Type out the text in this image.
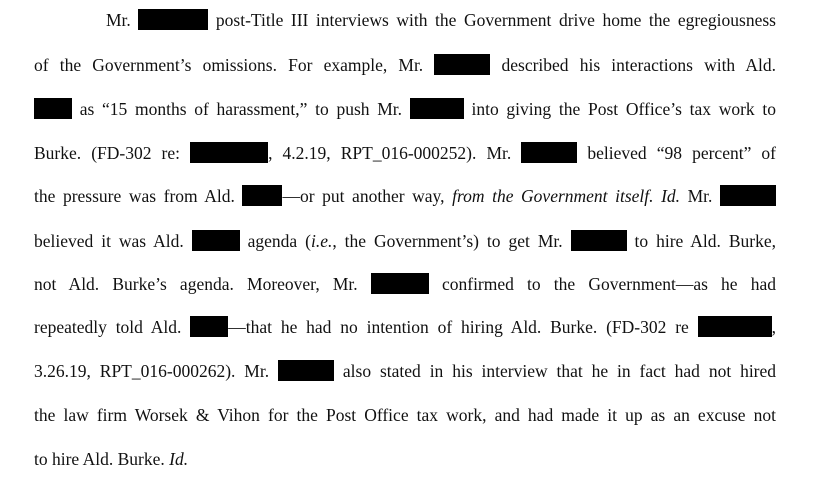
Mr.	post-Title III interviews with the Government drive home the egregiousness
of the Government’s omissions. For example, Mr.	described his interactions with Ald.
as “15 months of harassment,” to push Mr.	into giving the Post Office’s tax work to
Burke. (FD-302 re:	, 4.2.19, RPT_016-000252). Mr.	believed “98 percent” of
the pressure was from Ald.	—or put another way, from the Government itself. Id. Mr.
believed it was Ald.	agenda (i.e., the Government’s) to get Mr.	to hire Ald. Burke,
not Ald. Burke’s agenda. Moreover, Mr.	confirmed to the Government—as he had
repeatedly told Ald.	—that he had no intention of hiring Ald. Burke. (FD-302 re	,
3.26.19, RPT_016-000262). Mr.	also stated in his interview that he in fact had not hired
the law firm Worsek & Vihon for the Post Office tax work, and had made it up as an excuse not
to hire Ald. Burke. Id.
